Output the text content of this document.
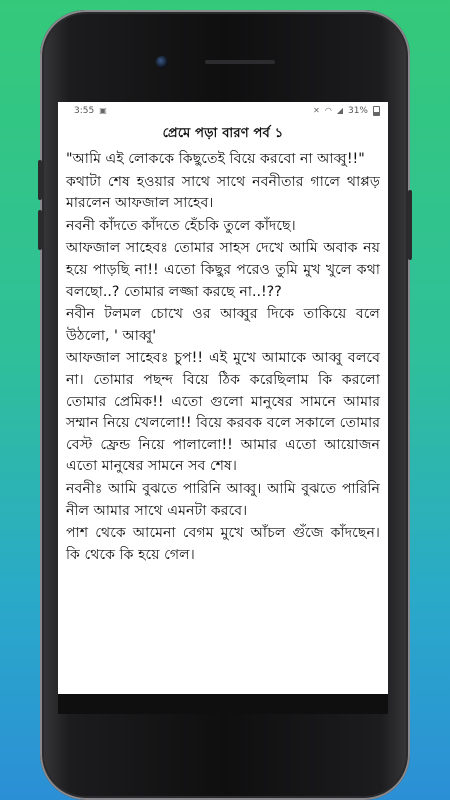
3:55 ▣	✕ ◠ ◢ 31%
প্রেমে পড়া বারণ পর্ব ১

"আমি এই লোককে কিছুতেই বিয়ে করবো না আব্বু!!"

কথাটা শেষ হওয়ার সাথে সাথে নবনীতার গালে থাপ্পড় মারলেন আফজাল সাহেব।

নবনী কাঁদতে কাঁদতে হেঁচকি তুলে কাঁদছে।

আফজাল সাহেবঃ তোমার সাহস দেখে আমি অবাক নয় হয়ে পাড়ছি না!! এতো কিছুর পরেও তুমি মুখ খুলে কথা বলছো..? তোমার লজ্জা করছে না..!??

নবীন টলমল চোখে ওর আব্বুর দিকে তাকিয়ে বলে উঠলো, ' আব্বু'

আফজাল সাহেবঃ চুপ!! এই মুখে আমাকে আব্বু বলবে না। তোমার পছন্দ বিয়ে ঠিক করেছিলাম কি করলো তোমার প্রেমিক!! এতো গুলো মানুষের সামনে আমার সম্মান নিয়ে খেললো!! বিয়ে করবক বলে সকালে তোমার বেস্ট ফ্রেন্ড নিয়ে পালালো!! আমার এতো আয়োজন এতো মানুষের সামনে সব শেষ।

নবনীঃ আমি বুঝতে পারিনি আব্বু। আমি বুঝতে পারিনি নীল আমার সাথে এমনটা করবে।

পাশ থেকে আমেনা বেগম মুখে আঁচল গুঁজে কাঁদছেন। কি থেকে কি হয়ে গেল।
